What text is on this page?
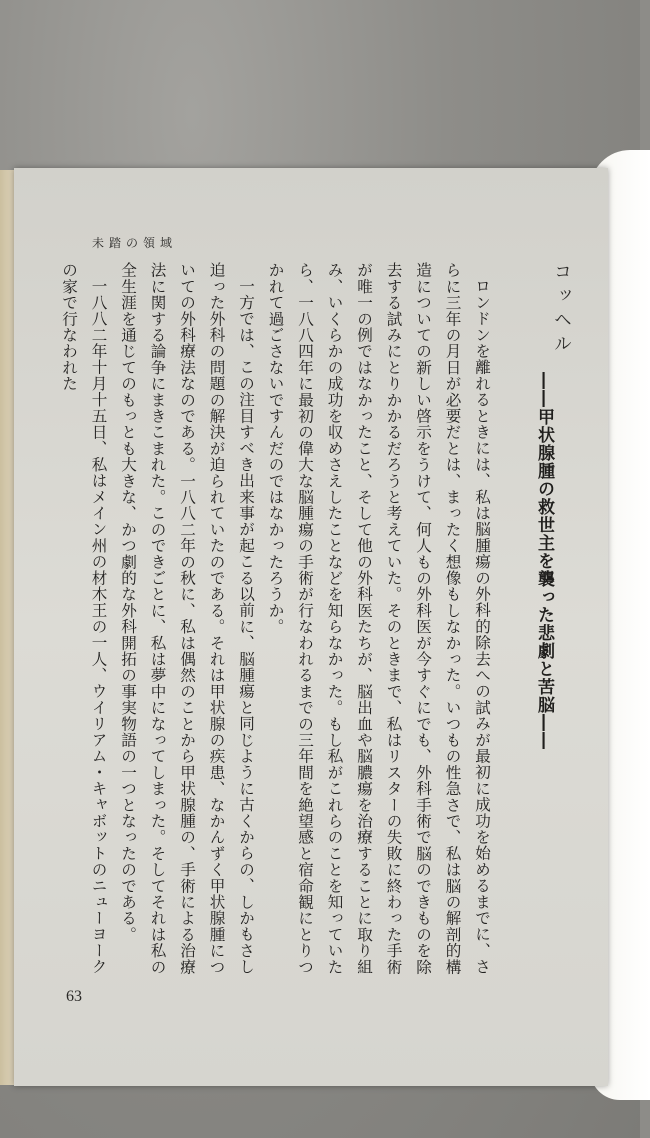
未踏の領域
コッヘル
――甲状腺腫の救世主を襲った悲劇と苦脳――

ロンドンを離れるときには、私は脳腫瘍の外科的除去への試みが最初に成功を始めるまでに、さらに三年の月日が必要だとは、まったく想像もしなかった。いつもの性急さで、私は脳の解剖的構造についての新しい啓示をうけて、何人もの外科医が今すぐにでも、外科手術で脳のできものを除去する試みにとりかかるだろうと考えていた。そのときまで、私はリスターの失敗に終わった手術が唯一の例ではなかったこと、そして他の外科医たちが、脳出血や脳膿瘍を治療することに取り組み、いくらかの成功を収めさえしたことなどを知らなかった。もし私がこれらのことを知っていたら、一八八四年に最初の偉大な脳腫瘍の手術が行なわれるまでの三年間を絶望感と宿命観にとりつかれて過ごさないですんだのではなかったろうか。

一方では、この注目すべき出来事が起こる以前に、脳腫瘍と同じように古くからの、しかもさし迫った外科の問題の解決が迫られていたのである。それは甲状腺の疾患、なかんずく甲状腺腫についての外科療法なのである。一八八二年の秋に、私は偶然のことから甲状腺腫の、手術による治療法に関する論争にまきこまれた。このできごとに、私は夢中になってしまった。そしてそれは私の全生涯を通じてのもっとも大きな、かつ劇的な外科開拓の事実物語の一つとなったのである。

一八八二年十月十五日、私はメイン州の材木王の一人、ウイリアム・キャボットのニューヨークの家で行なわれた

63
